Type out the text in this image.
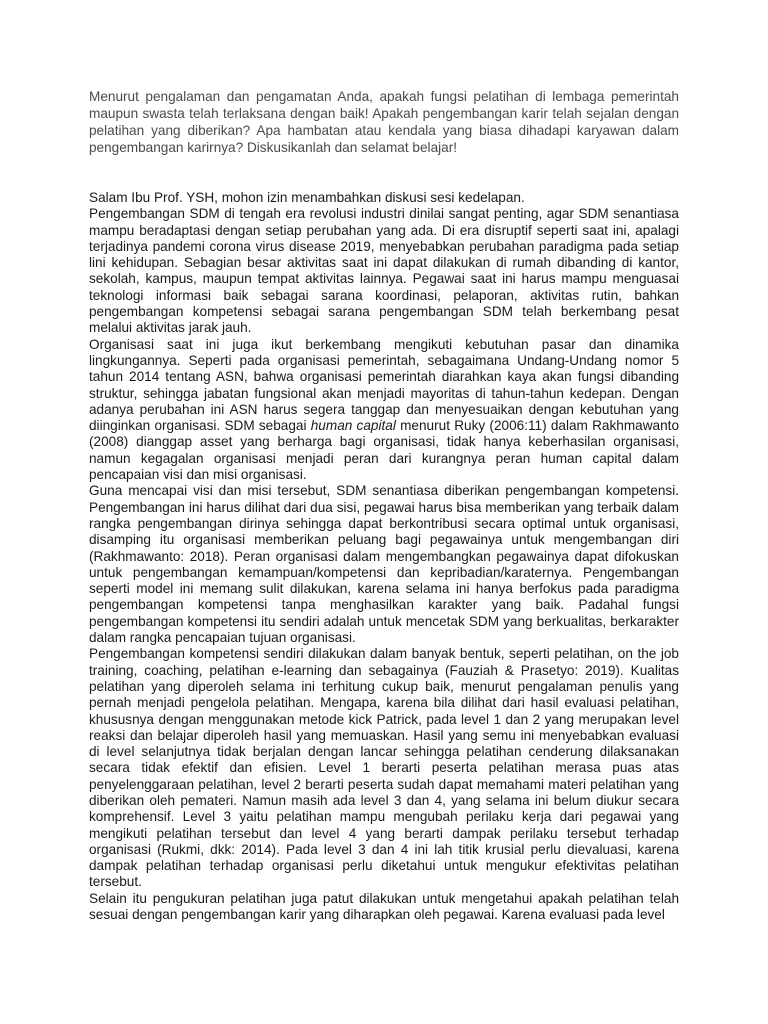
Menurut pengalaman dan pengamatan Anda, apakah fungsi pelatihan di lembaga pemerintah maupun swasta telah terlaksana dengan baik! Apakah pengembangan karir telah sejalan dengan pelatihan yang diberikan? Apa hambatan atau kendala yang biasa dihadapi karyawan dalam pengembangan karirnya? Diskusikanlah dan selamat belajar!

Salam Ibu Prof. YSH, mohon izin menambahkan diskusi sesi kedelapan.

Pengembangan SDM di tengah era revolusi industri dinilai sangat penting, agar SDM senantiasa mampu beradaptasi dengan setiap perubahan yang ada. Di era disruptif seperti saat ini, apalagi terjadinya pandemi corona virus disease 2019, menyebabkan perubahan paradigma pada setiap lini kehidupan. Sebagian besar aktivitas saat ini dapat dilakukan di rumah dibanding di kantor, sekolah, kampus, maupun tempat aktivitas lainnya. Pegawai saat ini harus mampu menguasai teknologi informasi baik sebagai sarana koordinasi, pelaporan, aktivitas rutin, bahkan pengembangan kompetensi sebagai sarana pengembangan SDM telah berkembang pesat melalui aktivitas jarak jauh.

Organisasi saat ini juga ikut berkembang mengikuti kebutuhan pasar dan dinamika lingkungannya. Seperti pada organisasi pemerintah, sebagaimana Undang-Undang nomor 5 tahun 2014 tentang ASN, bahwa organisasi pemerintah diarahkan kaya akan fungsi dibanding struktur, sehingga jabatan fungsional akan menjadi mayoritas di tahun-tahun kedepan. Dengan adanya perubahan ini ASN harus segera tanggap dan menyesuaikan dengan kebutuhan yang diinginkan organisasi. SDM sebagai human capital menurut Ruky (2006:11) dalam Rakhmawanto (2008) dianggap asset yang berharga bagi organisasi, tidak hanya keberhasilan organisasi, namun kegagalan organisasi menjadi peran dari kurangnya peran human capital dalam pencapaian visi dan misi organisasi.

Guna mencapai visi dan misi tersebut, SDM senantiasa diberikan pengembangan kompetensi. Pengembangan ini harus dilihat dari dua sisi, pegawai harus bisa memberikan yang terbaik dalam rangka pengembangan dirinya sehingga dapat berkontribusi secara optimal untuk organisasi, disamping itu organisasi memberikan peluang bagi pegawainya untuk mengembangan diri (Rakhmawanto: 2018). Peran organisasi dalam mengembangkan pegawainya dapat difokuskan untuk pengembangan kemampuan/kompetensi dan kepribadian/karaternya. Pengembangan seperti model ini memang sulit dilakukan, karena selama ini hanya berfokus pada paradigma pengembangan kompetensi tanpa menghasilkan karakter yang baik. Padahal fungsi pengembangan kompetensi itu sendiri adalah untuk mencetak SDM yang berkualitas, berkarakter dalam rangka pencapaian tujuan organisasi.

Pengembangan kompetensi sendiri dilakukan dalam banyak bentuk, seperti pelatihan, on the job training, coaching, pelatihan e-learning dan sebagainya (Fauziah & Prasetyo: 2019). Kualitas pelatihan yang diperoleh selama ini terhitung cukup baik, menurut pengalaman penulis yang pernah menjadi pengelola pelatihan. Mengapa, karena bila dilihat dari hasil evaluasi pelatihan, khususnya dengan menggunakan metode kick Patrick, pada level 1 dan 2 yang merupakan level reaksi dan belajar diperoleh hasil yang memuaskan. Hasil yang semu ini menyebabkan evaluasi di level selanjutnya tidak berjalan dengan lancar sehingga pelatihan cenderung dilaksanakan secara tidak efektif dan efisien. Level 1 berarti peserta pelatihan merasa puas atas penyelenggaraan pelatihan, level 2 berarti peserta sudah dapat memahami materi pelatihan yang diberikan oleh pemateri. Namun masih ada level 3 dan 4, yang selama ini belum diukur secara komprehensif. Level 3 yaitu pelatihan mampu mengubah perilaku kerja dari pegawai yang mengikuti pelatihan tersebut dan level 4 yang berarti dampak perilaku tersebut terhadap organisasi (Rukmi, dkk: 2014). Pada level 3 dan 4 ini lah titik krusial perlu dievaluasi, karena dampak pelatihan terhadap organisasi perlu diketahui untuk mengukur efektivitas pelatihan tersebut.

Selain itu pengukuran pelatihan juga patut dilakukan untuk mengetahui apakah pelatihan telah sesuai dengan pengembangan karir yang diharapkan oleh pegawai. Karena evaluasi pada level
